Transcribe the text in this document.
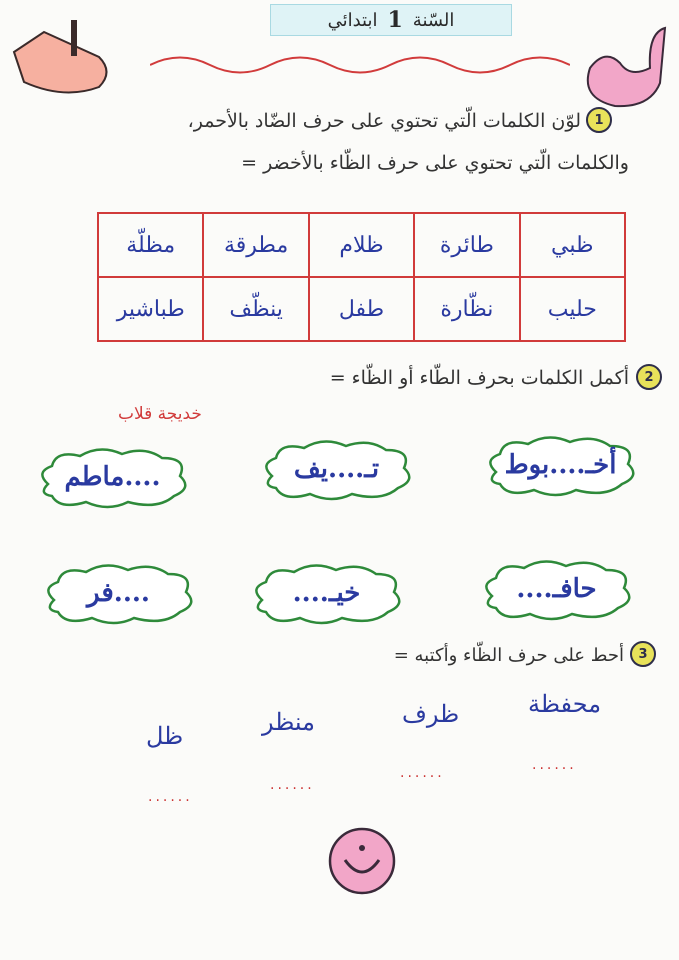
السّنة
1
ابتدائي
1
لوّن الكلمات الّتي تحتوي على حرف الضّاد بالأحمر،
والكلمات الّتي تحتوي على حرف الظّاء بالأخضر =
ظبي	طائرة	ظلام	مطرقة	مظلّة
حليب	نظّارة	طفل	ينظّف	طباشير
2
أكمل الكلمات بحرف الطّاء أو الظّاء =
خديجة قلاب
أخـ....بوط
تـ....يف
....ماطم
حافـ....
خيـ....
....فر
3
أحط على حرف الظّاء وأكتبه =
محفظة
ظرف
منظر
ظل
......
......
......
......
